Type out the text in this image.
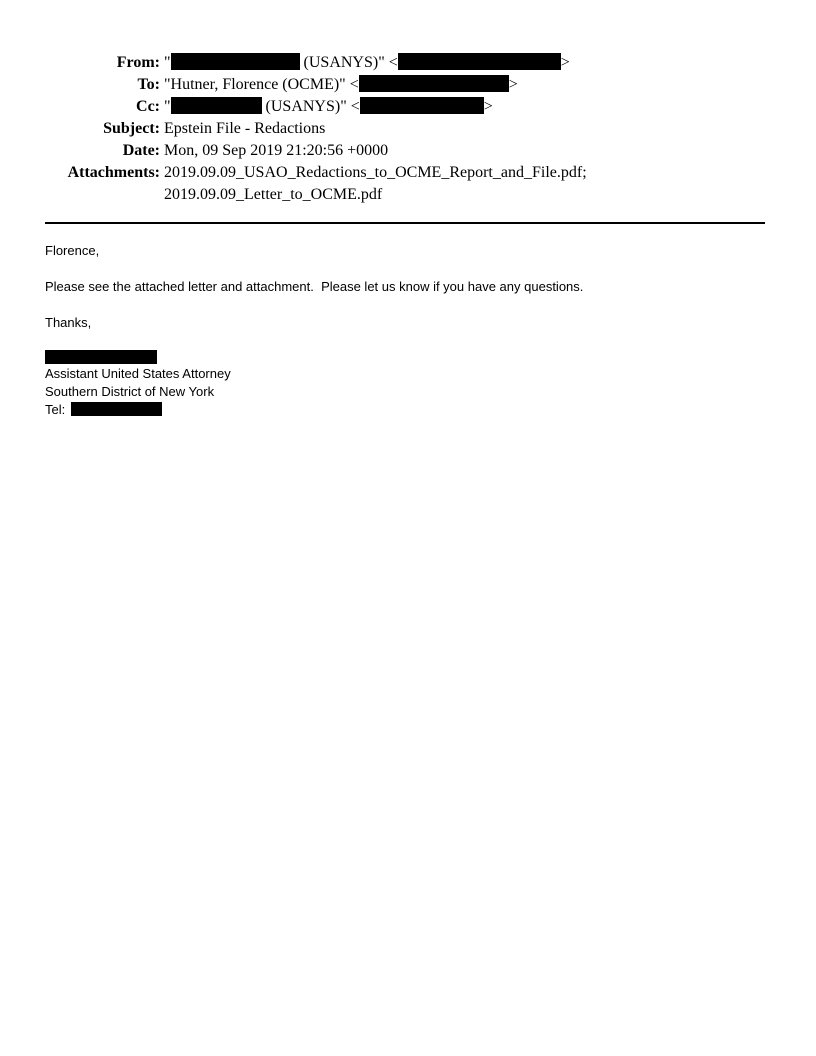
From: "	(USANYS)" <	>
To: "Hutner, Florence (OCME)" <	>
Cc: "	(USANYS)" <	>
Subject: Epstein File - Redactions
Date: Mon, 09 Sep 2019 21:20:56 +0000
Attachments: 2019.09.09_USAO_Redactions_to_OCME_Report_and_File.pdf;
2019.09.09_Letter_to_OCME.pdf

Florence,

Please see the attached letter and attachment.  Please let us know if you have any questions.

Thanks,

Assistant United States Attorney
Southern District of New York
Tel:
